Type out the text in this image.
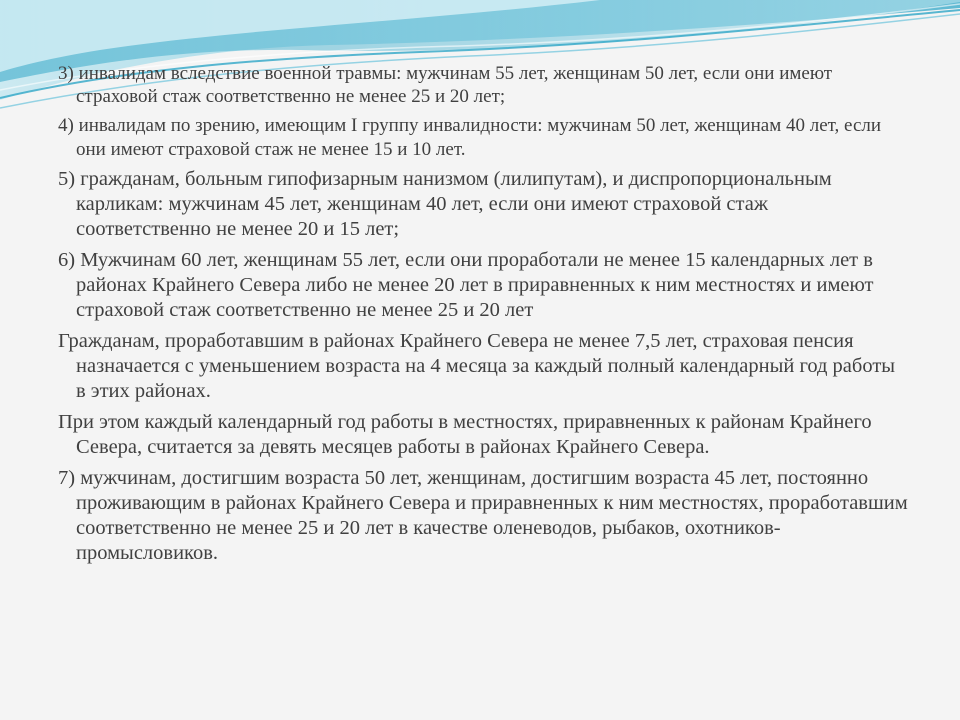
3) инвалидам вследствие военной травмы: мужчинам 55 лет, женщинам 50 лет, если они имеют страховой стаж соответственно не менее 25 и 20 лет;

4) инвалидам по зрению, имеющим I группу инвалидности: мужчинам 50 лет, женщинам 40 лет, если они имеют страховой стаж не менее 15 и 10 лет.

5) гражданам, больным гипофизарным нанизмом (лилипутам), и диспропорциональным карликам: мужчинам 45 лет, женщинам 40 лет, если они имеют страховой стаж соответственно не менее 20 и 15 лет;

6) Мужчинам 60 лет, женщинам 55 лет, если они проработали не менее 15 календарных лет в районах Крайнего Севера либо не менее 20 лет в приравненных к ним местностях и имеют страховой стаж соответственно не менее 25 и 20 лет

Гражданам, проработавшим в районах Крайнего Севера не менее 7,5 лет, страховая пенсия назначается с уменьшением возраста на 4 месяца за каждый полный календарный год работы в этих районах.

При этом каждый календарный год работы в местностях, приравненных к районам Крайнего Севера, считается за девять месяцев работы в районах Крайнего Севера.

7) мужчинам, достигшим возраста 50 лет, женщинам, достигшим возраста 45 лет, постоянно проживающим в районах Крайнего Севера и приравненных к ним местностях, проработавшим соответственно не менее 25 и 20 лет в качестве оленеводов, рыбаков, охотников-промысловиков.
